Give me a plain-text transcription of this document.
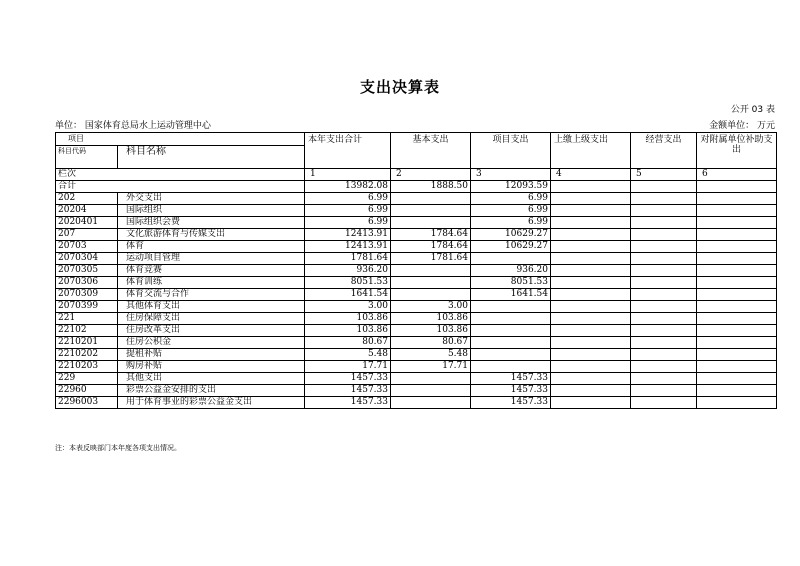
支出决算表
公开 03 表
单位： 国家体育总局水上运动管理中心	金额单位： 万元
项目		本年支出合计	基本支出	项目支出	上缴上级支出	经营支出	对附属单位补助支出
科目代码	科目名称						
栏次		1	2	3	4	5	6
合计		13982.08	1888.50	12093.59			
202	外交支出	6.99		6.99			
20204	国际组织	6.99		6.99			
2020401	国际组织会费	6.99		6.99			
207	文化旅游体育与传媒支出	12413.91	1784.64	10629.27			
20703	体育	12413.91	1784.64	10629.27			
2070304	运动项目管理	1781.64	1781.64				
2070305	体育竞赛	936.20		936.20			
2070306	体育训练	8051.53		8051.53			
2070309	体育交流与合作	1641.54		1641.54			
2070399	其他体育支出	3.00	3.00				
221	住房保障支出	103.86	103.86				
22102	住房改革支出	103.86	103.86				
2210201	住房公积金	80.67	80.67				
2210202	提租补贴	5.48	5.48				
2210203	购房补贴	17.71	17.71				
229	其他支出	1457.33		1457.33			
22960	彩票公益金安排的支出	1457.33		1457.33			
2296003	用于体育事业的彩票公益金支出	1457.33		1457.33			
注：本表反映部门本年度各项支出情况。
